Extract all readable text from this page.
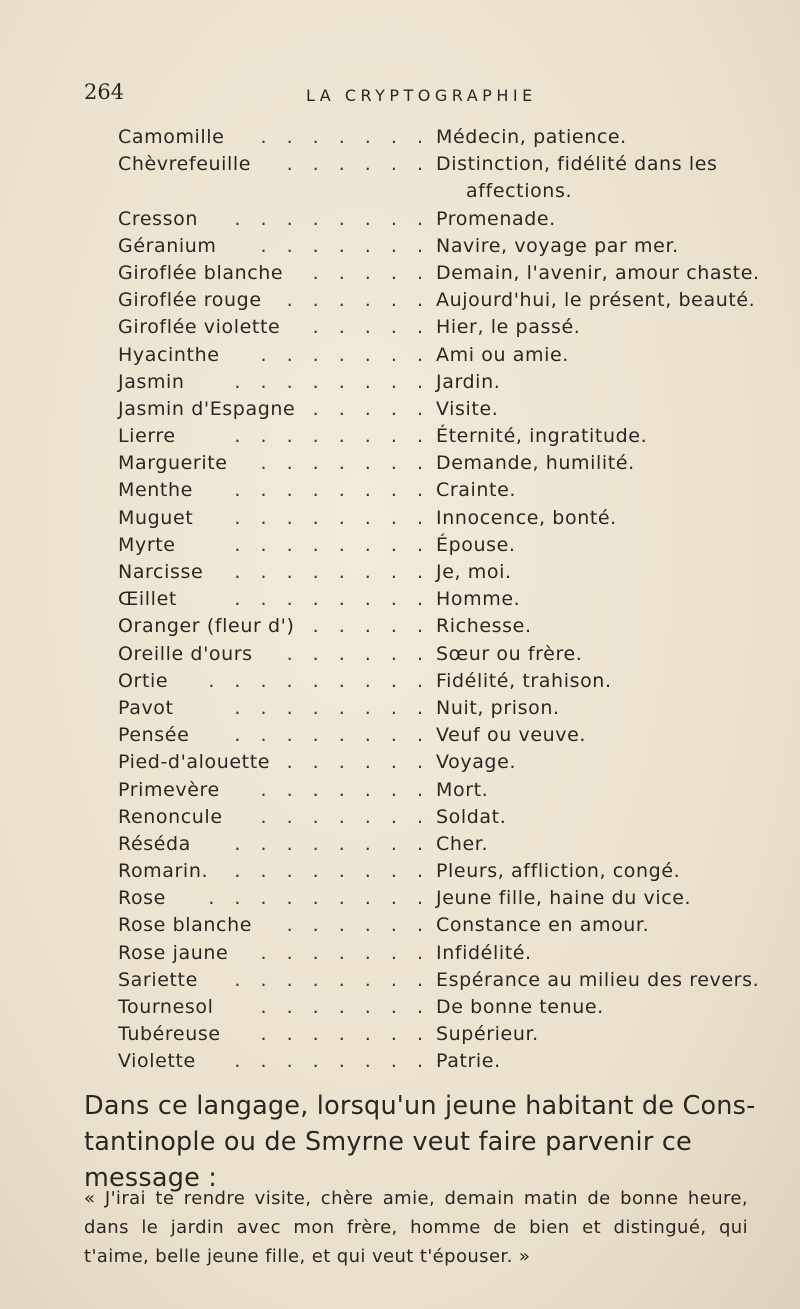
264	LA CRYPTOGRAPHIE
. . . . . . .
Camomille	Médecin, patience.
. . . . . .
Chèvrefeuille	Distinction, fidélité dans les
affections.
. . . . . . . .
Cresson	Promenade.
. . . . . . .
Géranium	Navire, voyage par mer.
. . . . .
Giroflée blanche	Demain, l'avenir, amour chaste.
. . . . . .
Giroflée rouge	Aujourd'hui, le présent, beauté.
. . . . .
Giroflée violette	Hier, le passé.
. . . . . . .
Hyacinthe	Ami ou amie.
. . . . . . . .
Jasmin	Jardin.
. . . . .
Jasmin d'Espagne	Visite.
. . . . . . . .
Lierre	Éternité, ingratitude.
. . . . . . .
Marguerite	Demande, humilité.
. . . . . . . .
Menthe	Crainte.
. . . . . . . .
Muguet	Innocence, bonté.
. . . . . . . .
Myrte	Épouse.
. . . . . . . .
Narcisse	Je, moi.
. . . . . . . .
Œillet	Homme.
. . . . .
Oranger (fleur d')	Richesse.
. . . . . .
Oreille d'ours	Sœur ou frère.
. . . . . . . . .
Ortie	Fidélité, trahison.
. . . . . . . .
Pavot	Nuit, prison.
. . . . . . . .
Pensée	Veuf ou veuve.
. . . . . .
Pied-d'alouette	Voyage.
. . . . . . .
Primevère	Mort.
. . . . . . .
Renoncule	Soldat.
. . . . . . . .
Réséda	Cher.
. . . . . . . .
Romarin.	Pleurs, affliction, congé.
. . . . . . . . .
Rose	Jeune fille, haine du vice.
. . . . . .
Rose blanche	Constance en amour.
. . . . . . .
Rose jaune	Infidélité.
. . . . . . . .
Sariette	Espérance au milieu des revers.
. . . . . . .
Tournesol	De bonne tenue.
. . . . . . .
Tubéreuse	Supérieur.
. . . . . . . .
Violette	Patrie.
Dans ce langage, lorsqu'un jeune habitant de Cons-
tantinople ou de Smyrne veut faire parvenir ce message :
« J'irai te rendre visite, chère amie, demain matin de bonne heure, dans le jardin avec mon frère, homme de bien et distingué, qui t'aime, belle jeune fille, et qui veut t'épouser. »
